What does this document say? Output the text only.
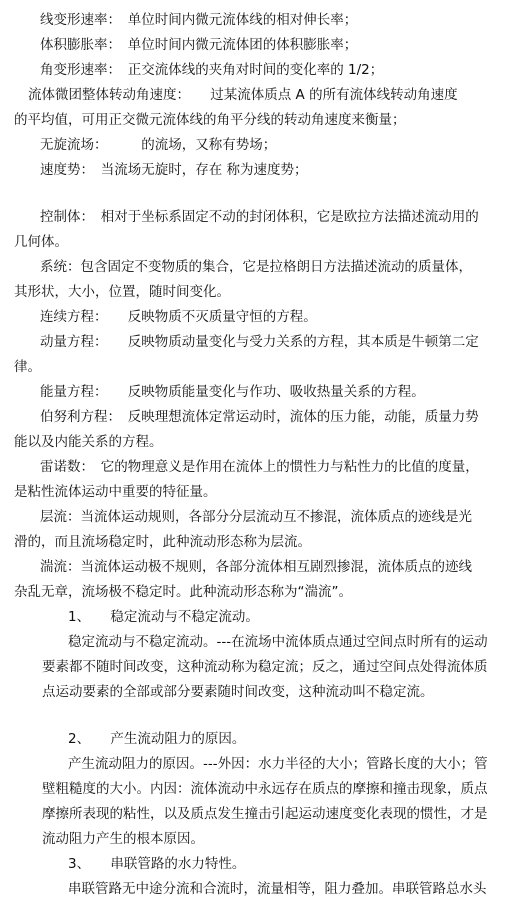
线变形速率：　单位时间内微元流体线的相对伸长率；
体积膨胀率：　单位时间内微元流体团的体积膨胀率；
角变形速率：　正交流体线的夹角对时间的变化率的 1/2；
流体微团整体转动角速度：　　过某流体质点 A 的所有流体线转动角速度
的平均值，可用正交微元流体线的角平分线的转动角速度来衡量；
无旋流场：　　　的流场，又称有势场；
速度势：　当流场无旋时，存在 称为速度势；
控制体：　相对于坐标系固定不动的封闭体积，它是欧拉方法描述流动用的
几何体。
系统：包含固定不变物质的集合，它是拉格朗日方法描述流动的质量体，
其形状，大小，位置，随时间变化。
连续方程：　　反映物质不灭质量守恒的方程。
动量方程：　　反映物质动量变化与受力关系的方程，其本质是牛顿第二定
律。
能量方程：　　反映物质能量变化与作功、吸收热量关系的方程。
伯努利方程：　反映理想流体定常运动时，流体的压力能，动能，质量力势
能以及内能关系的方程。
雷诺数：　它的物理意义是作用在流体上的惯性力与粘性力的比值的度量，
是粘性流体运动中重要的特征量。
层流：当流体运动规则，各部分分层流动互不掺混，流体质点的迹线是光
滑的，而且流场稳定时，此种流动形态称为层流。
湍流：当流体运动极不规则，各部分流体相互剧烈掺混，流体质点的迹线
杂乱无章，流场极不稳定时。此种流动形态称为“湍流”。
1、　　稳定流动与不稳定流动。
稳定流动与不稳定流动。---在流场中流体质点通过空间点时所有的运动
要素都不随时间改变，这种流动称为稳定流；反之，通过空间点处得流体质
点运动要素的全部或部分要素随时间改变，这种流动叫不稳定流。
2、　　产生流动阻力的原因。
产生流动阻力的原因。---外因：水力半径的大小；管路长度的大小；管
壁粗糙度的大小。内因：流体流动中永远存在质点的摩擦和撞击现象，质点
摩擦所表现的粘性，以及质点发生撞击引起运动速度变化表现的惯性，才是
流动阻力产生的根本原因。
3、　　串联管路的水力特性。
串联管路无中途分流和合流时，流量相等，阻力叠加。串联管路总水头
